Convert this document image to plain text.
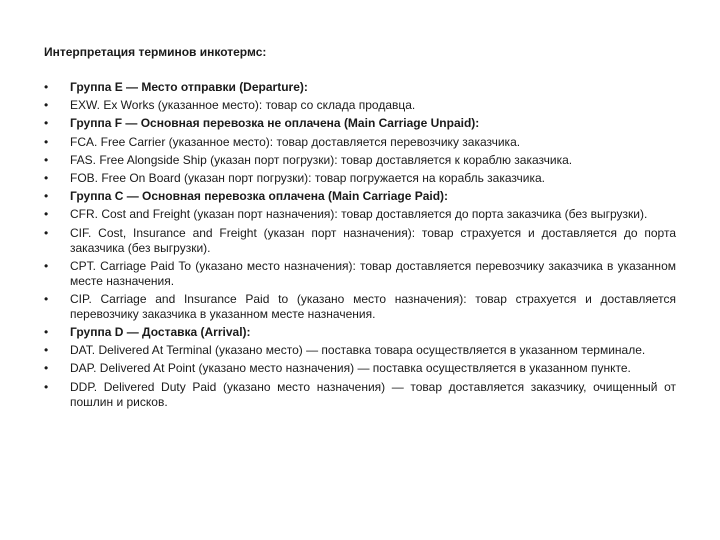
Интерпретация терминов инкотермс:
•	Группа E — Место отправки (Departure):
•	EXW. Ex Works (указанное место): товар со склада продавца.
•	Группа F — Основная перевозка не оплачена (Main Carriage Unpaid):
•	FCA. Free Carrier (указанное место): товар доставляется перевозчику заказчика.
•	FAS. Free Alongside Ship (указан порт погрузки): товар доставляется к кораблю заказчика.
•	FOB. Free On Board (указан порт погрузки): товар погружается на корабль заказчика.
•	Группа C — Основная перевозка оплачена (Main Carriage Paid):
•	CFR. Cost and Freight (указан порт назначения): товар доставляется до порта заказчика (без выгрузки).
•	CIF. Cost, Insurance and Freight (указан порт назначения): товар страхуется и доставляется до порта заказчика (без выгрузки).
•	CPT. Carriage Paid To (указано место назначения): товар доставляется перевозчику заказчика в указанном месте назначения.
•	CIP. Carriage and Insurance Paid to (указано место назначения): товар страхуется и доставляется перевозчику заказчика в указанном месте назначения.
•	Группа D — Доставка (Arrival):
•	DAT. Delivered At Terminal (указано место) — поставка товара осуществляется в указанном терминале.
•	DAP. Delivered At Point (указано место назначения) — поставка осуществляется в указанном пункте.
•	DDP. Delivered Duty Paid (указано место назначения) — товар доставляется заказчику, очищенный от пошлин и рисков.
